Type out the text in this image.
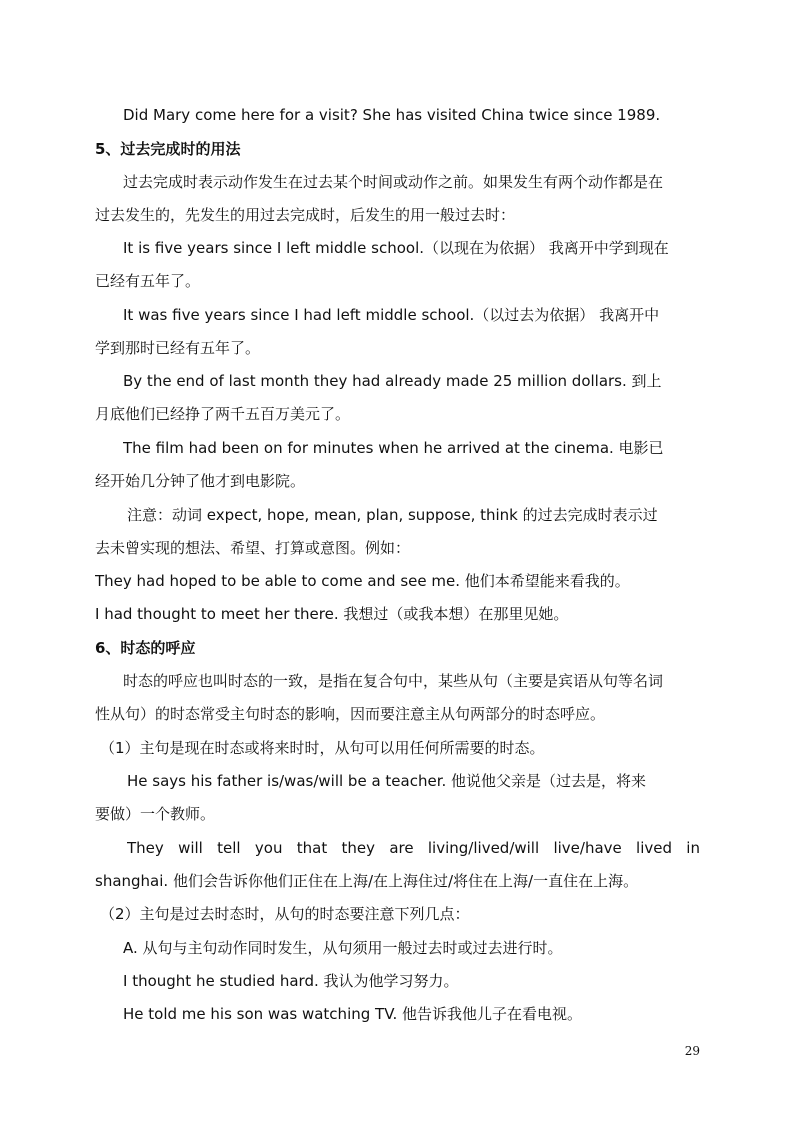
Did Mary come here for a visit? She has visited China twice since 1989.
5、过去完成时的用法
过去完成时表示动作发生在过去某个时间或动作之前。如果发生有两个动作都是在
过去发生的，先发生的用过去完成时，后发生的用一般过去时：
It is five years since I left middle school.（以现在为依据） 我离开中学到现在
已经有五年了。
It was five years since I had left middle school.（以过去为依据） 我离开中
学到那时已经有五年了。
By the end of last month they had already made 25 million dollars. 到上
月底他们已经挣了两千五百万美元了。
The film had been on for minutes when he arrived at the cinema. 电影已
经开始几分钟了他才到电影院。
注意：动词 expect, hope, mean, plan, suppose, think 的过去完成时表示过
去未曾实现的想法、希望、打算或意图。例如：
They had hoped to be able to come and see me. 他们本希望能来看我的。
I had thought to meet her there. 我想过（或我本想）在那里见她。
6、时态的呼应
时态的呼应也叫时态的一致，是指在复合句中，某些从句（主要是宾语从句等名词
性从句）的时态常受主句时态的影响，因而要注意主从句两部分的时态呼应。
（1）主句是现在时态或将来时时，从句可以用任何所需要的时态。
He says his father is/was/will be a teacher. 他说他父亲是（过去是，将来
要做）一个教师。
They will tell you that they are living/lived/will live/have lived in
shanghai. 他们会告诉你他们正住在上海/在上海住过/将住在上海/一直住在上海。
（2）主句是过去时态时，从句的时态要注意下列几点：
A. 从句与主句动作同时发生，从句须用一般过去时或过去进行时。
I thought he studied hard. 我认为他学习努力。
He told me his son was watching TV. 他告诉我他儿子在看电视。
29
